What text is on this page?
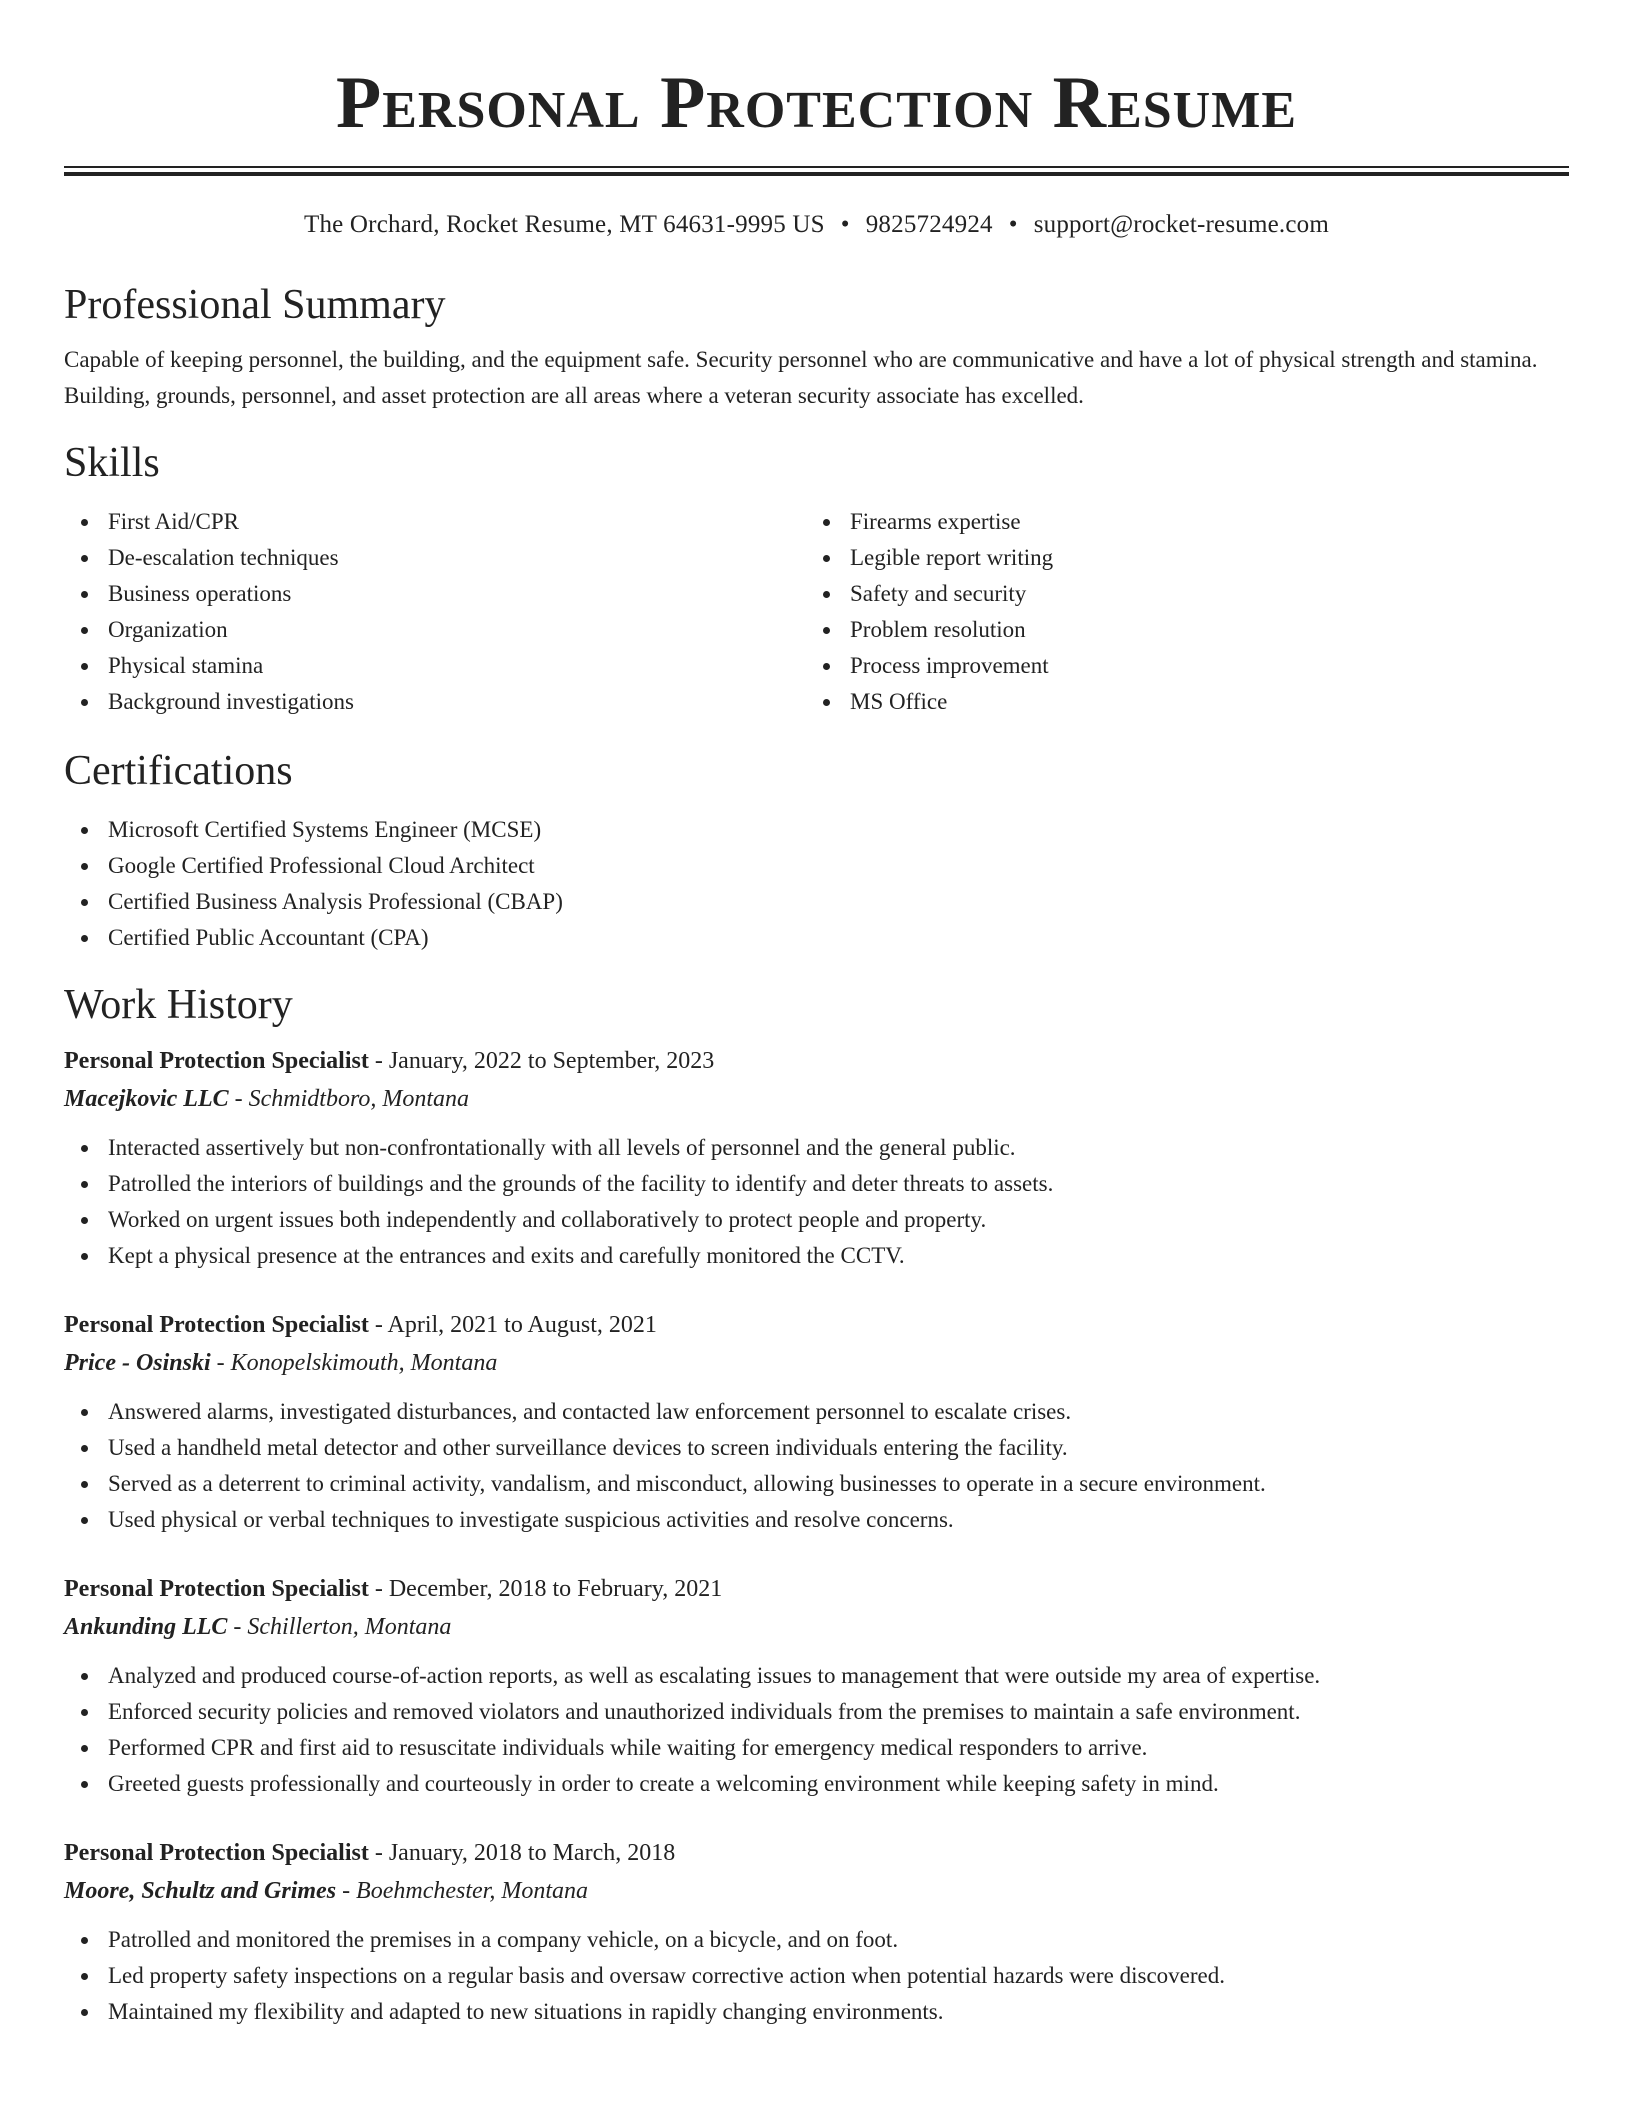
Personal Protection Resume
The Orchard, Rocket Resume, MT 64631-9995 US • 9825724924 • support@rocket-resume.com
Professional Summary

Capable of keeping personnel, the building, and the equipment safe. Security personnel who are communicative and have a lot of physical strength and stamina. Building, grounds, personnel, and asset protection are all areas where a veteran security associate has excelled.

Skills
First Aid/CPR
De-escalation techniques
Business operations
Organization
Physical stamina
Background investigations
Firearms expertise
Legible report writing
Safety and security
Problem resolution
Process improvement
MS Office
Certifications
Microsoft Certified Systems Engineer (MCSE)
Google Certified Professional Cloud Architect
Certified Business Analysis Professional (CBAP)
Certified Public Accountant (CPA)
Work History
Personal Protection Specialist - January, 2022 to September, 2023
Macejkovic LLC - Schmidtboro, Montana
Interacted assertively but non-confrontationally with all levels of personnel and the general public.
Patrolled the interiors of buildings and the grounds of the facility to identify and deter threats to assets.
Worked on urgent issues both independently and collaboratively to protect people and property.
Kept a physical presence at the entrances and exits and carefully monitored the CCTV.
Personal Protection Specialist - April, 2021 to August, 2021
Price - Osinski - Konopelskimouth, Montana
Answered alarms, investigated disturbances, and contacted law enforcement personnel to escalate crises.
Used a handheld metal detector and other surveillance devices to screen individuals entering the facility.
Served as a deterrent to criminal activity, vandalism, and misconduct, allowing businesses to operate in a secure environment.
Used physical or verbal techniques to investigate suspicious activities and resolve concerns.
Personal Protection Specialist - December, 2018 to February, 2021
Ankunding LLC - Schillerton, Montana
Analyzed and produced course-of-action reports, as well as escalating issues to management that were outside my area of expertise.
Enforced security policies and removed violators and unauthorized individuals from the premises to maintain a safe environment.
Performed CPR and first aid to resuscitate individuals while waiting for emergency medical responders to arrive.
Greeted guests professionally and courteously in order to create a welcoming environment while keeping safety in mind.
Personal Protection Specialist - January, 2018 to March, 2018
Moore, Schultz and Grimes - Boehmchester, Montana
Patrolled and monitored the premises in a company vehicle, on a bicycle, and on foot.
Led property safety inspections on a regular basis and oversaw corrective action when potential hazards were discovered.
Maintained my flexibility and adapted to new situations in rapidly changing environments.
